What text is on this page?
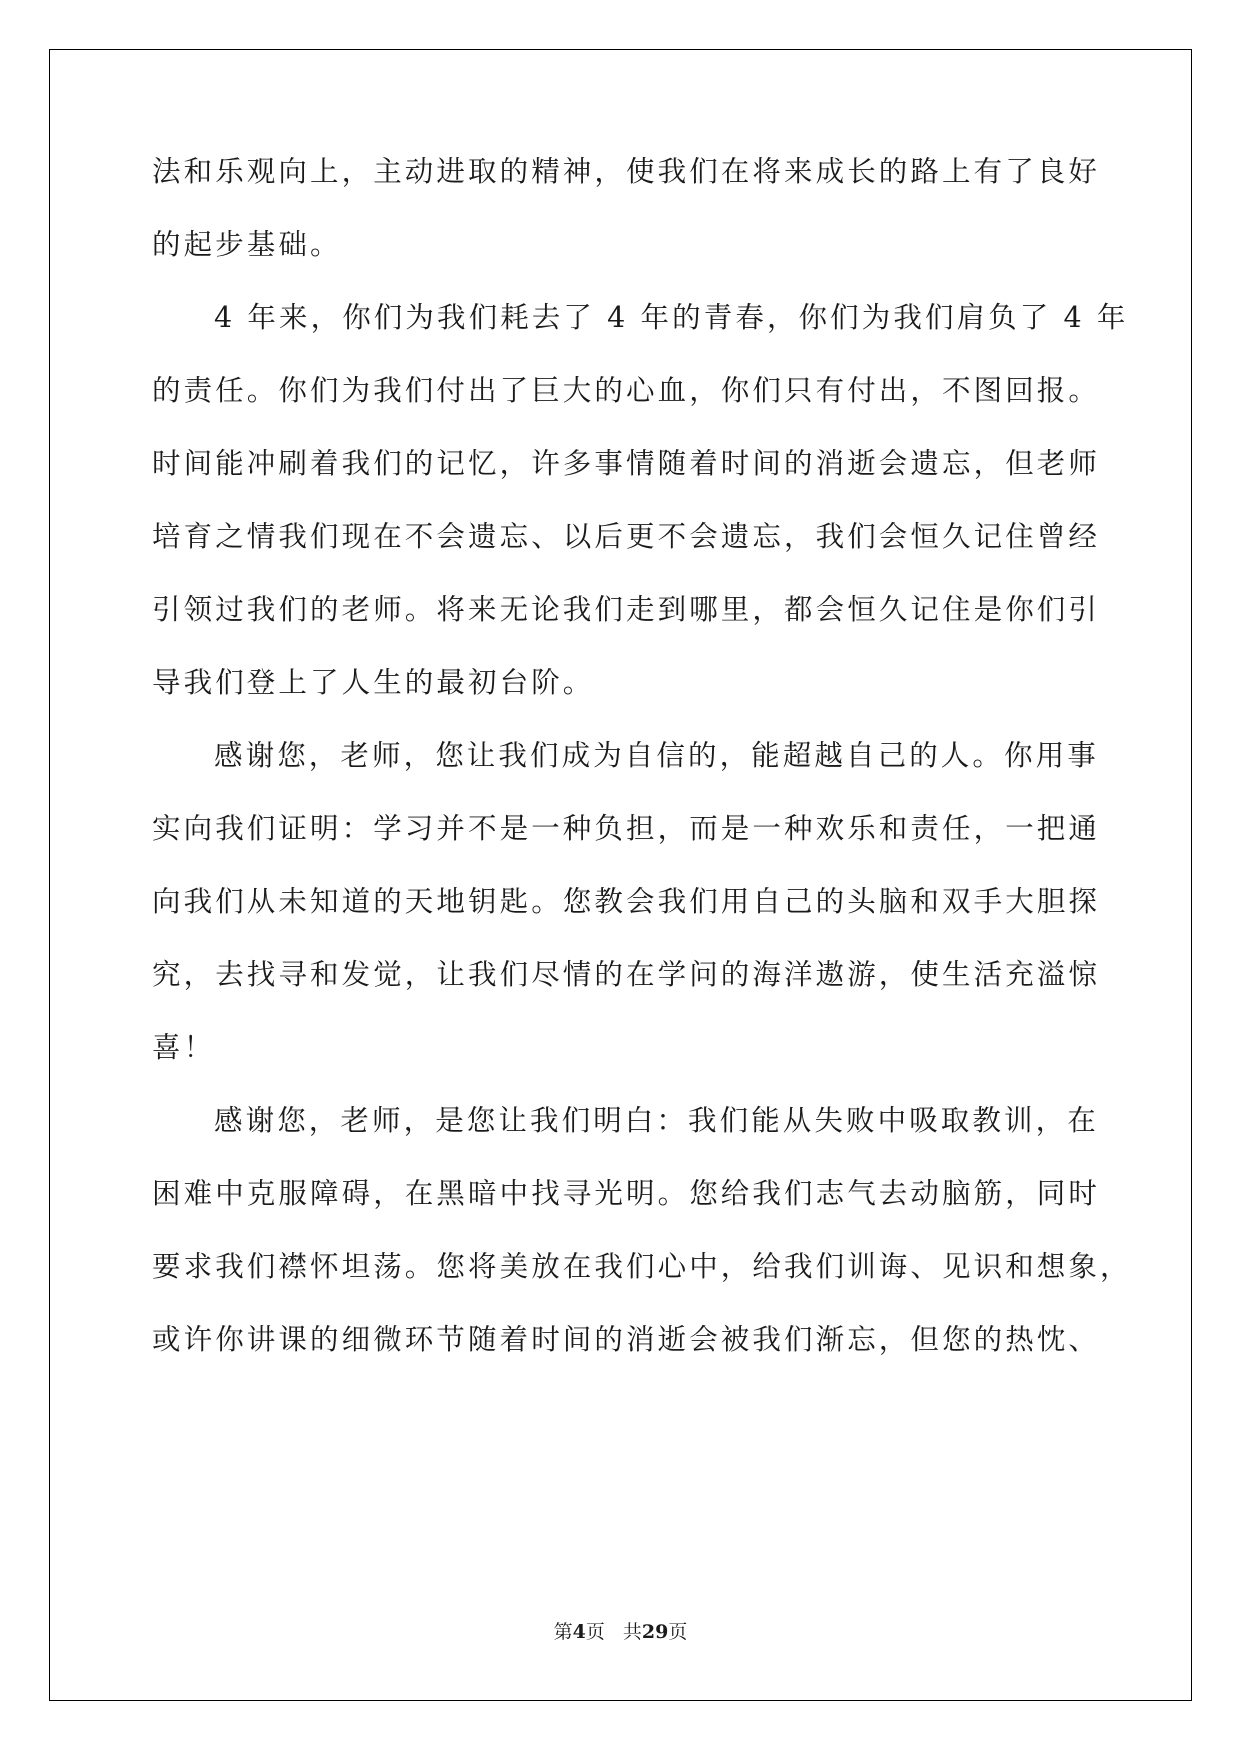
法和乐观向上，主动进取的精神，使我们在将来成长的路上有了良好
的起步基础。
4 年来，你们为我们耗去了 4 年的青春，你们为我们肩负了 4 年
的责任。你们为我们付出了巨大的心血，你们只有付出，不图回报。
时间能冲刷着我们的记忆，许多事情随着时间的消逝会遗忘，但老师
培育之情我们现在不会遗忘、以后更不会遗忘，我们会恒久记住曾经
引领过我们的老师。将来无论我们走到哪里，都会恒久记住是你们引
导我们登上了人生的最初台阶。
感谢您，老师，您让我们成为自信的，能超越自己的人。你用事
实向我们证明：学习并不是一种负担，而是一种欢乐和责任，一把通
向我们从未知道的天地钥匙。您教会我们用自己的头脑和双手大胆探
究，去找寻和发觉，让我们尽情的在学问的海洋遨游，使生活充溢惊
喜！
感谢您，老师，是您让我们明白：我们能从失败中吸取教训，在
困难中克服障碍，在黑暗中找寻光明。您给我们志气去动脑筋，同时
要求我们襟怀坦荡。您将美放在我们心中，给我们训诲、见识和想象，
或许你讲课的细微环节随着时间的消逝会被我们渐忘，但您的热忱、
第4页 共29页
